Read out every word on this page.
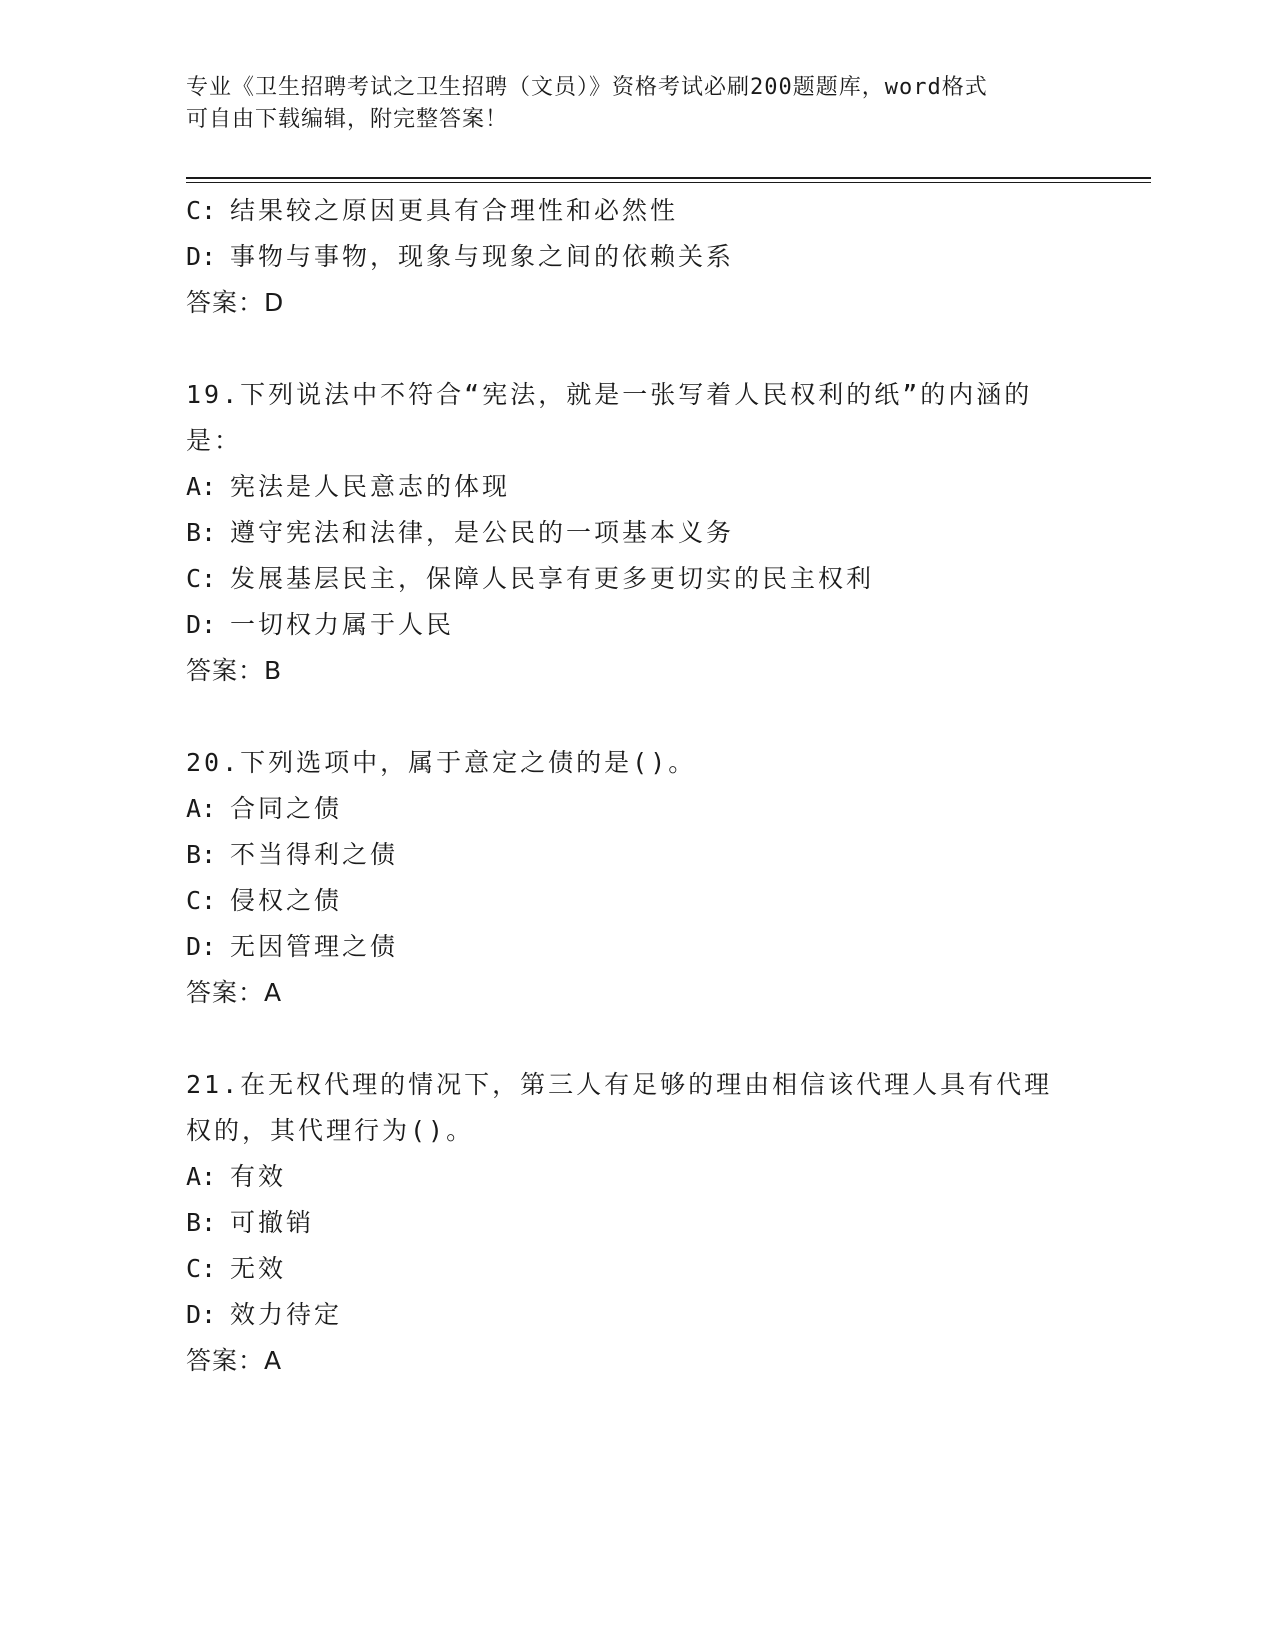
专业《卫生招聘考试之卫生招聘（文员）》资格考试必刷200题题库，word格式
可自由下载编辑，附完整答案！
C: 结果较之原因更具有合理性和必然性
D: 事物与事物，现象与现象之间的依赖关系
答案：D
19.下列说法中不符合“宪法，就是一张写着人民权利的纸”的内涵的
是：
A: 宪法是人民意志的体现
B: 遵守宪法和法律，是公民的一项基本义务
C: 发展基层民主，保障人民享有更多更切实的民主权利
D: 一切权力属于人民
答案：B
20.下列选项中，属于意定之债的是()。
A: 合同之债
B: 不当得利之债
C: 侵权之债
D: 无因管理之债
答案：A
21.在无权代理的情况下，第三人有足够的理由相信该代理人具有代理
权的，其代理行为()。
A: 有效
B: 可撤销
C: 无效
D: 效力待定
答案：A
